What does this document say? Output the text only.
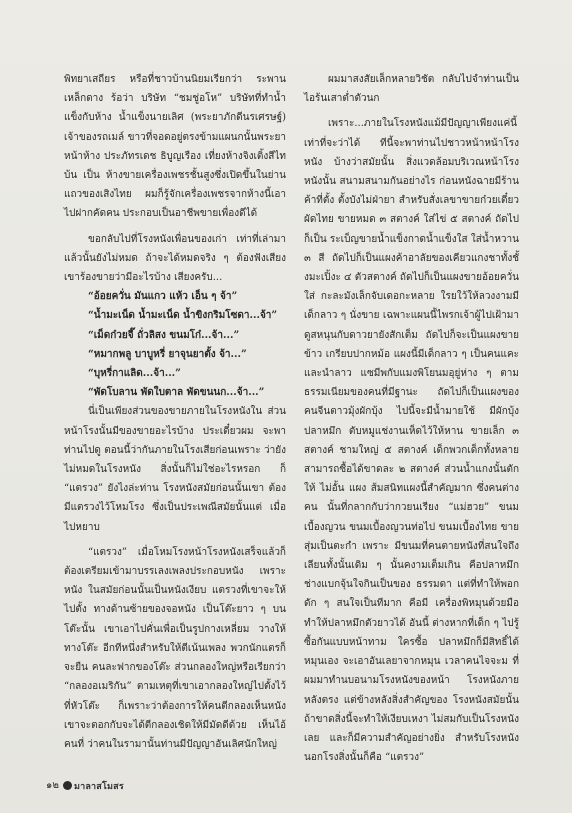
พิทยาเสถียร หรือที่ชาวบ้านนิยมเรียกว่า ระพานเหล็กดาง ร้อว่า บริษัท “ชมชู่อโห” บริษัทที่ทำน้ำแข็งกับห้าง น้ำแข็งนายเลิศ (พระยาภักดีนรเศรษฐ์) เจ้าของรถเมล์ ขาวที่จอดอยู่ตรงข้ามแผนกนั้นพระยา หน้าห้าง ประภัทรเดช ธิบูญเรือง เที่ยงห้างจิงเติ้งสีไทบ้น เป็น ห้างขายเครื่องเพชรชั้นสูงซึ่งเปิดขึ้นในย่านแถวของเสิงไทย ผมก็รู้จักเครื่องเพชรจากห้างนี้เอาไปฝากคัดคน ประกอบเป็นอาชีพขายเพื่องดีได้

ขอกลับไปที่โรงหนังเพื่อนของเก่า เท่าที่เล่ามา แล้วนั้นยังไม่หมด ถ้าจะได้หมดจริง ๆ ต้องฟังเสียง เขาร้องขายว่ามีอะไรบ้าง เสียงครับ...

“อ้อยควั่น มันแกว แห้ว เอ็น ๆ จ้า”

“น้ำมะเน็ด น้ำมะเน็ด น้ำขิงกริมโซดา...จ้า”

“เม็ดก๋วยจี๊ ถั่วลิสง ขนมโก๋...จ้า...”

“หมากพลู บาบูหรี่ ยาจุนยาตั้ง จ้า...”

“บุหรี่กาแลิด...จ้า...”

“พัดโบลาน พัดใบตาล พัดขนนก...จ้า...”

นี่เป็นเพียงส่วนของขายภายในโรงหนังใน ส่วนหน้าโรงนั้นมีของขายอะไรบ้าง ประเดี๋ยวผม จะพาท่านไปดู ตอนนี้ว่ากันภายในโรงเสียก่อนเพราะ ว่ายังไม่หมดในโรงหนัง สิ่งนั้นก็ไม่ใช่อะไรหรอก ก็ “แตรวง” ยังไงล่ะท่าน โรงหนังสมัยก่อนนั้นเขา ต้องมีแตรวงไว้โหมโรง ซึ่งเป็นประเพณีสมัยนั้นแต่ เมื่อไปหยาบ

“แตรวง” เมื่อโหมโรงหน้าโรงหนังเสร็จแล้วก็ ต้องเตรียมเข้ามาบรรเลงเพลงประกอบหนัง เพราะหนัง ในสมัยก่อนนั้นเป็นหนังเงียบ แตรวงที่เขาจะให้ไปตั้ง ทางด้านซ้ายของจอหนัง เป็นโต๊ะยาว ๆ บนโต๊ะนั้น เขาเอาไปคั่นเพื่อเป็นรูปกางเหลี่ยม วางให้ทางโต๊ะ อีกทีหนึ่งสำหรับให้ตีเน้นเพลง พวกนักแตรก็จะยืน คนละฟากของโต๊ะ ส่วนกลองใหญ่หรือเรียกว่า “กลองอเมริกัน” ตามเหตุที่เขาเอากลองใหญ่ไปตั้งไว้ ที่หัวโต๊ะ ก็เพราะว่าต้องการให้คนตีกลองเห็นหนัง เขาจะตอกกับจะได้ตีกลองเชิดให้มีมัดดีด้วย เห็นไอ้คนที่ ว่าคนในรามานั้นท่านมีปัญญาอันเลิศนักใหญ่

ผมมาสงสัยเล็กหลายวิชัต กลับไปจำท่านเป็น ไอร้นเสาต่ำตัวนก

เพราะ...ภายในโรงหนังแม้มีปัญญาเพียงแค่นี้ เท่าที่จะว่าได้ ทีนี้จะพาท่านไปชาวหน้าหน้าโรงหนัง บ้างว่าสมัยนั้น สิ่งแวดล้อมบริเวณหน้าโรงหนังนั้น สนามสนามกันอย่างไร ก่อนหนังฉายมีร้านค้าที่ตั้ง ตั้งบังไม่ฝ่ายา สำหรับสั่งเลขาขายก๋วยเตี๋ยวผัดไทย ขายหมด ๓ สตางค์ ใส่ไข่ ๕ สตางค์ ถัดไปก็เป็น ระเบ็ญขายน้ำแข็งกาดน้ำแข็งใส ใส่น้ำหวาน ๓ สี ถัดไปก็เป็นแผงค้าอาลัยของเคียวแกงชาทั้งชั้งมะเปิ้งะ ๔ ตัวสตางค์ ถัดไปก็เป็นแผงขายอ้อยควั่นใส่ กะละมังเล็กจับเดอกะหลาย ใรยใว้ให้ลวงงามมี เด็กลาว ๆ นั่งขาย เฉพาะแผนนี้ไพรกเจ้าผู้ไปเฝ้ามา ดูสหนุนกับดาวยายังสักเต็ม ถัดไปก็จะเป็นแผงขายข้าว เกรียบปากหม้อ แผงนี้มีเด็กลาว ๆ เป็นคนแคะ และนำลาว แซมีพกับแมงพิโยนมอุยู่ห่าง ๆ ตาม ธรรมเนียมของคนที่มีฐานะ ถัดไปก็เป็นแผงของ คนจีนตาวมุ้งผักบุ้ง ไปนี้จะมีน้ำมายใช้ มีผักบุ้ง ปลาหมึก ตับหมูแช่งานเห็ดไว้ให้หาน ขายเล็ก ๓ สตางค์ ชามใหญ่ ๕ สตางค์ เด็กพวกเด็กทั้งหลาย สามารถซื้อได้ขาดละ ๒ สตางค์ ส่วนน้ำแกงนั้นตักให้ ไม่อั้น แผง ส้มสนิทแผงนี้สำคัญมาก ซึ่งคนต่างคน นั้นที่กลากกับว่ากวยนเรียง “แม่ฮวย” ขนมเบื้องญวน ขนมเบื้องญวนท่อไป ขนมเบื้องไทย ขายสุ่มเป็นตะกำ เพราะ มีขนมที่คนตายหนังที่สนใจถึงเลียนทั้งนั้นเดิม ๆ นั้นคงามเต็มเกิน คือปลาหมึกช่างแบกจุ้นใจกินเป็นของ ธรรมดา แต่ที่ทำให้พอกดัก ๆ สนใจเป็นทีมาก คือมี เครื่องพิหมุนด้วยมือทำให้ปลาหมึกตัวยาวได้ อันนี้ ต่างหากที่เด็ก ๆ ไปรู้ซื้อกันแบบหน้าทาม ใครซื้อ ปลาหมึกก็มีสิทธิ์ได้หมุนเอง จะเอาอันเลยาจากหมุน เวลาคนไจจะม ที่ผมมาทำนบอนามโรงหนังของหน้า โรงหนังภายหลังตรง แต่ข้างหลังสิ่งสำคัญของ โรงหนังสมัยนั้น ถ้าขาดสิ่งนี้จะทำให้เงียบเหงา ไม่สมกับเป็นโรงหนังเลย และก็มีความสำคัญอย่างยิ่ง สำหรับโรงหนังนอกโรงสิ่งนั้นก็คือ “แตรวง”

๑๒ มาลาสโมสร
